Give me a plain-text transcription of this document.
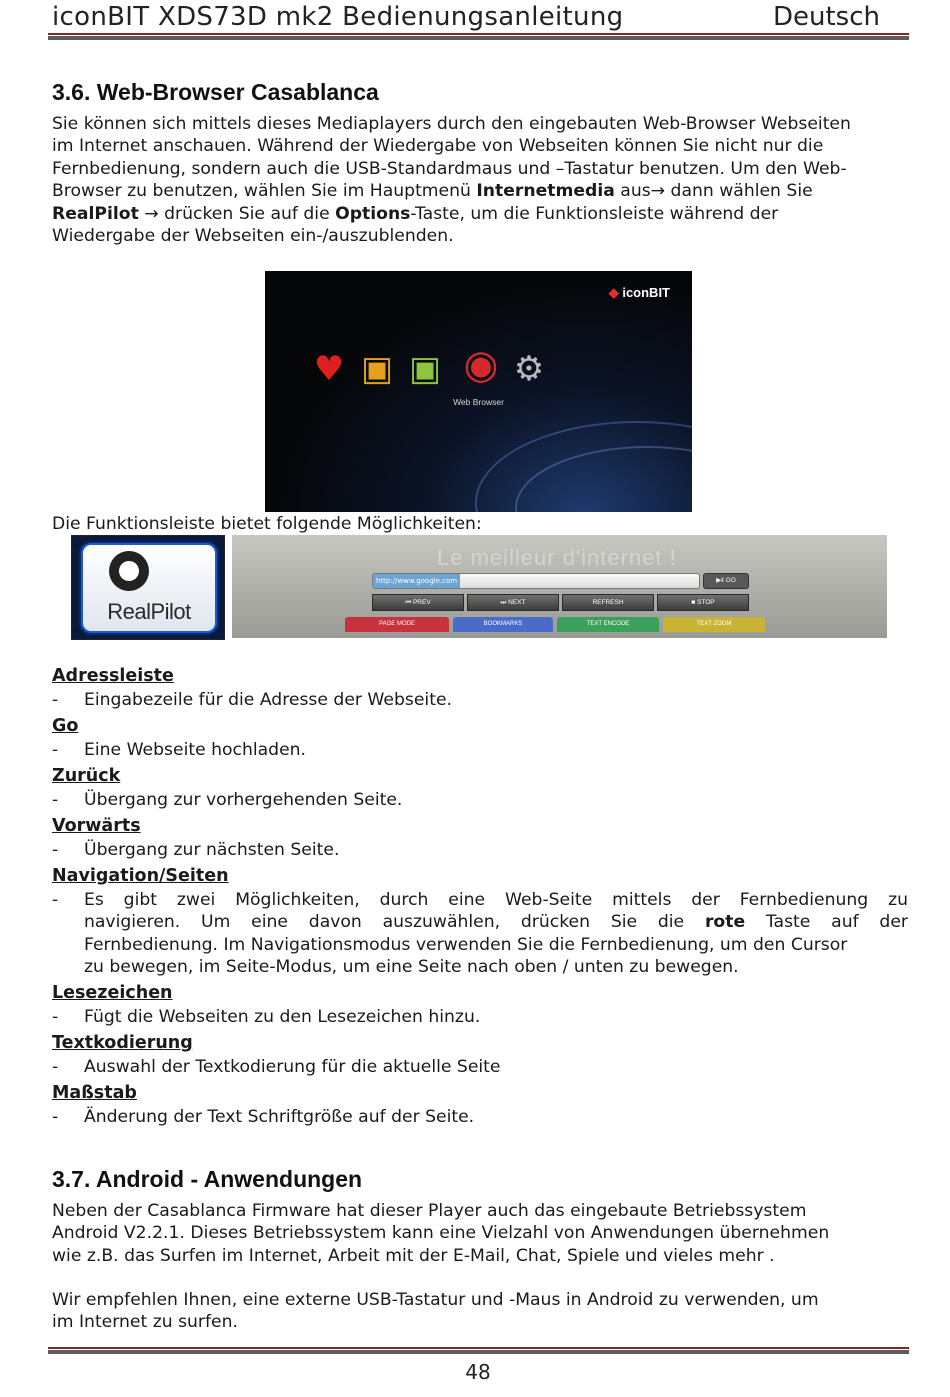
iconBIT XDS73D mk2 Bedienungsanleitung	Deutsch
3.6. Web-Browser Casablanca
Sie können sich mittels dieses Mediaplayers durch den eingebauten Web-Browser Webseiten
im Internet anschauen. Während der Wiedergabe von Webseiten können Sie nicht nur die
Fernbedienung, sondern auch die USB-Standardmaus und –Tastatur benutzen. Um den Web-
Browser zu benutzen, wählen Sie im Hauptmenü Internetmedia aus→ dann wählen Sie
RealPilot → drücken Sie auf die Options-Taste, um die Funktionsleiste während der
Wiedergabe der Webseiten ein-/auszublenden.
◆ iconBIT
♥ ▣ ▣ ◉ ⚙
Web Browser
Die Funktionsleiste bietet folgende Möglichkeiten:
RealPilot
Le meilleur d'internet !
http://www.google.com	▶‖ GO
⏮ PREV	⏭ NEXT	REFRESH	■ STOP
PAGE MODE	BOOKMARKS	TEXT ENCODE	TEXT ZOOM
Adressleiste
- Eingabezeile für die Adresse der Webseite.
Go
- Eine Webseite hochladen.
Zurück
- Übergang zur vorhergehenden Seite.
Vorwärts
- Übergang zur nächsten Seite.
Navigation/Seiten
- Es gibt zwei Möglichkeiten, durch eine Web-Seite mittels der Fernbedienung zu
navigieren. Um eine davon auszuwählen, drücken Sie die rote Taste auf der
Fernbedienung. Im Navigationsmodus verwenden Sie die Fernbedienung, um den Cursor
zu bewegen, im Seite-Modus, um eine Seite nach oben / unten zu bewegen.
Lesezeichen
- Fügt die Webseiten zu den Lesezeichen hinzu.
Textkodierung
- Auswahl der Textkodierung für die aktuelle Seite
Maßstab
- Änderung der Text Schriftgröße auf der Seite.
3.7. Android - Anwendungen
Neben der Casablanca Firmware hat dieser Player auch das eingebaute Betriebssystem
Android V2.2.1. Dieses Betriebssystem kann eine Vielzahl von Anwendungen übernehmen
wie z.B. das Surfen im Internet, Arbeit mit der E-Mail, Chat, Spiele und vieles mehr .
Wir empfehlen Ihnen, eine externe USB-Tastatur und -Maus in Android zu verwenden, um
im Internet zu surfen.
48
